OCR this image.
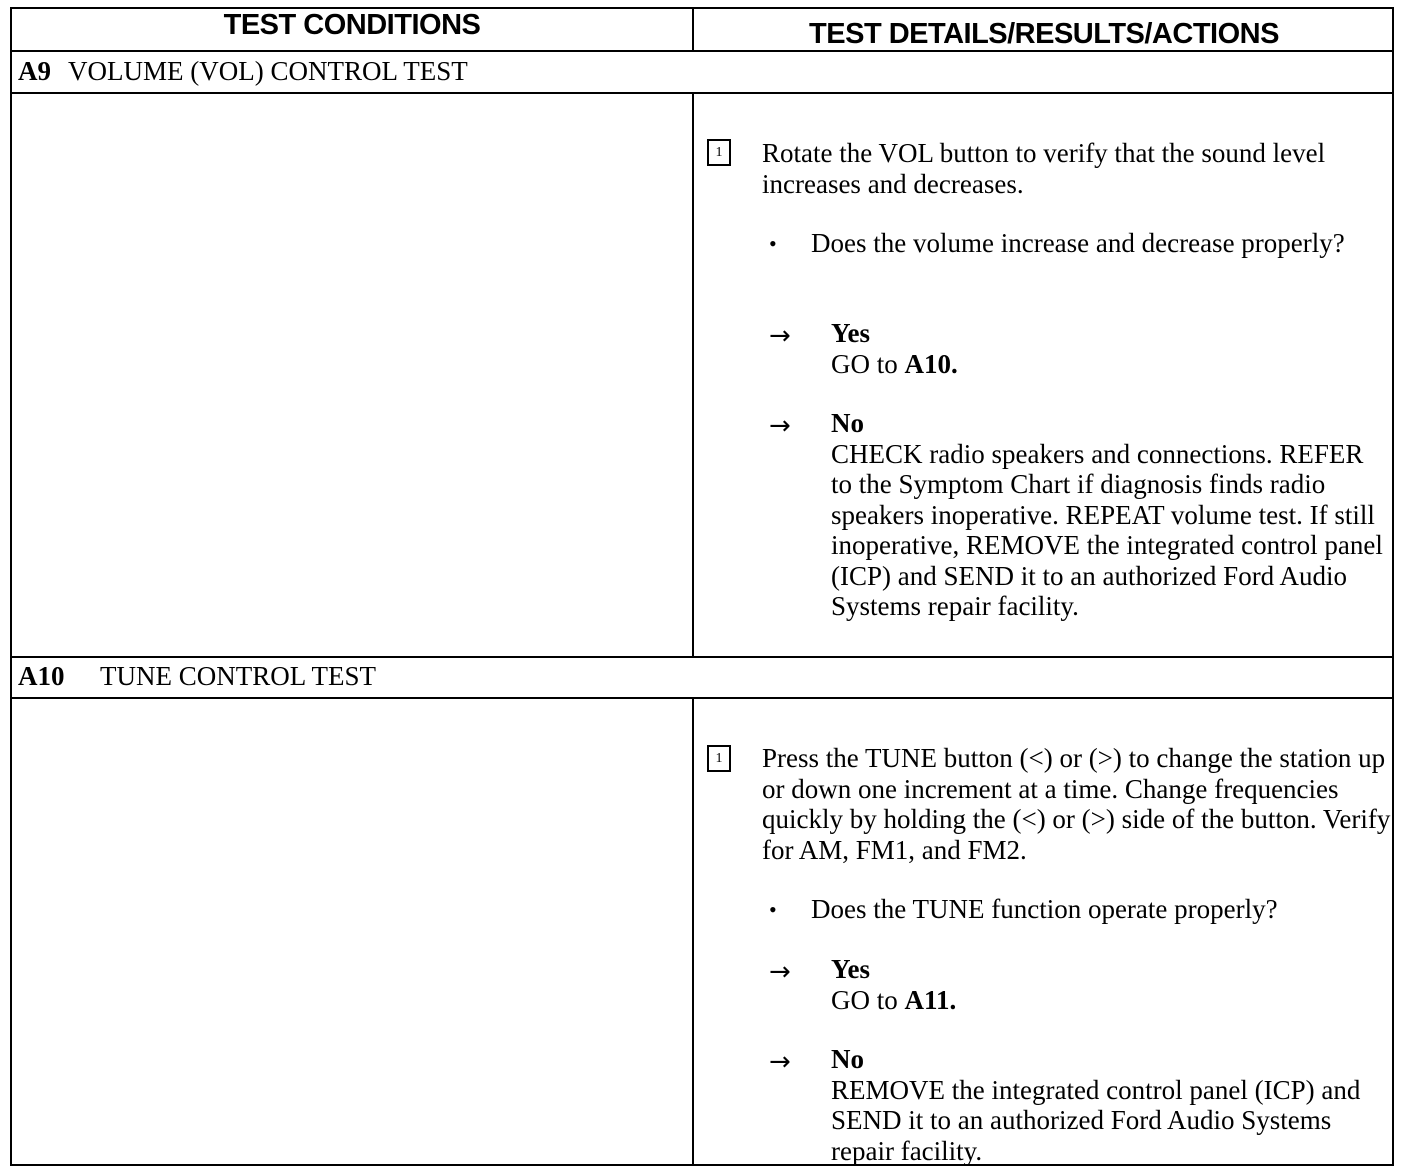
TEST CONDITIONS	TEST DETAILS/RESULTS/ACTIONS
A9 VOLUME (VOL) CONTROL TEST
1	Rotate the VOL button to verify that the sound level increases and decreases.
• Does the volume increase and decrease properly?
→ Yes
GO to A10.
→ No
CHECK radio speakers and connections. REFER to the Symptom Chart if diagnosis finds radio speakers inoperative. REPEAT volume test. If still inoperative, REMOVE the integrated control panel (ICP) and SEND it to an authorized Ford Audio Systems repair facility.
A10 TUNE CONTROL TEST
1	Press the TUNE button (<) or (>) to change the station up or down one increment at a time. Change frequencies quickly by holding the (<) or (>) side of the button. Verify for AM, FM1, and FM2.
• Does the TUNE function operate properly?
→ Yes
GO to A11.
→ No
REMOVE the integrated control panel (ICP) and SEND it to an authorized Ford Audio Systems repair facility.
